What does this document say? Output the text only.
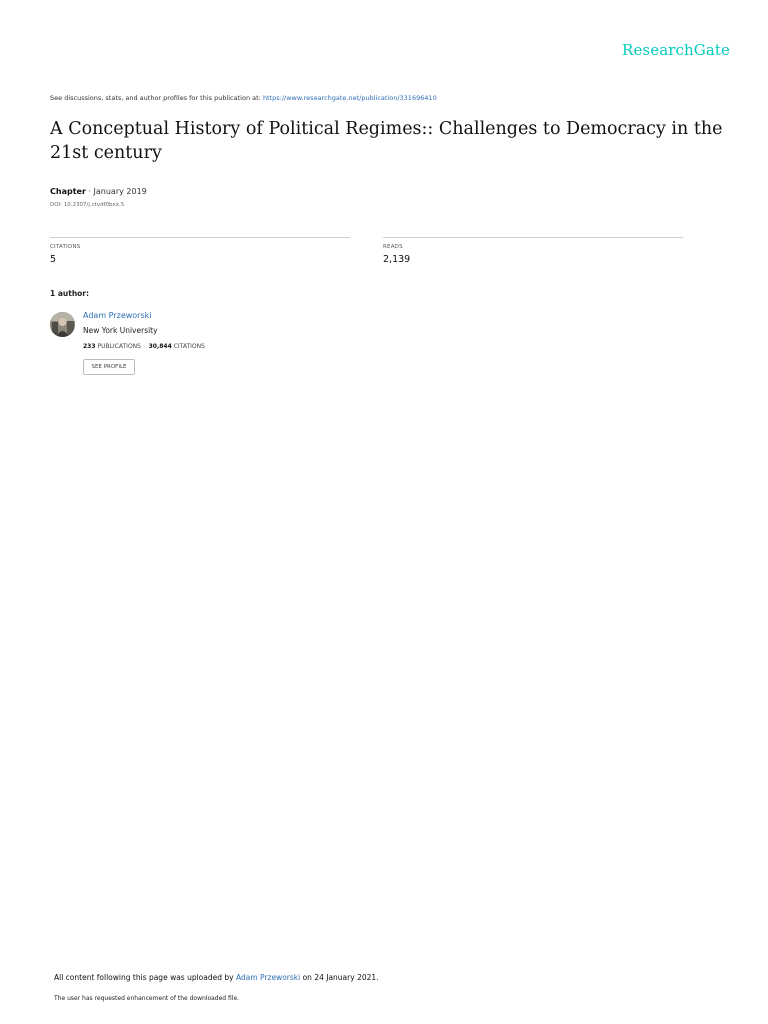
ResearchGate
See discussions, stats, and author profiles for this publication at: https://www.researchgate.net/publication/331696410
A Conceptual History of Political Regimes:: Challenges to Democracy in the 21st century
Chapter · January 2019
DOI: 10.2307/j.ctvdf0bxx.5
CITATIONS
5
READS
2,139
1 author:
Adam Przeworski
New York University
233 PUBLICATIONS 30,844 CITATIONS
SEE PROFILE
All content following this page was uploaded by Adam Przeworski on 24 January 2021.
The user has requested enhancement of the downloaded file.
